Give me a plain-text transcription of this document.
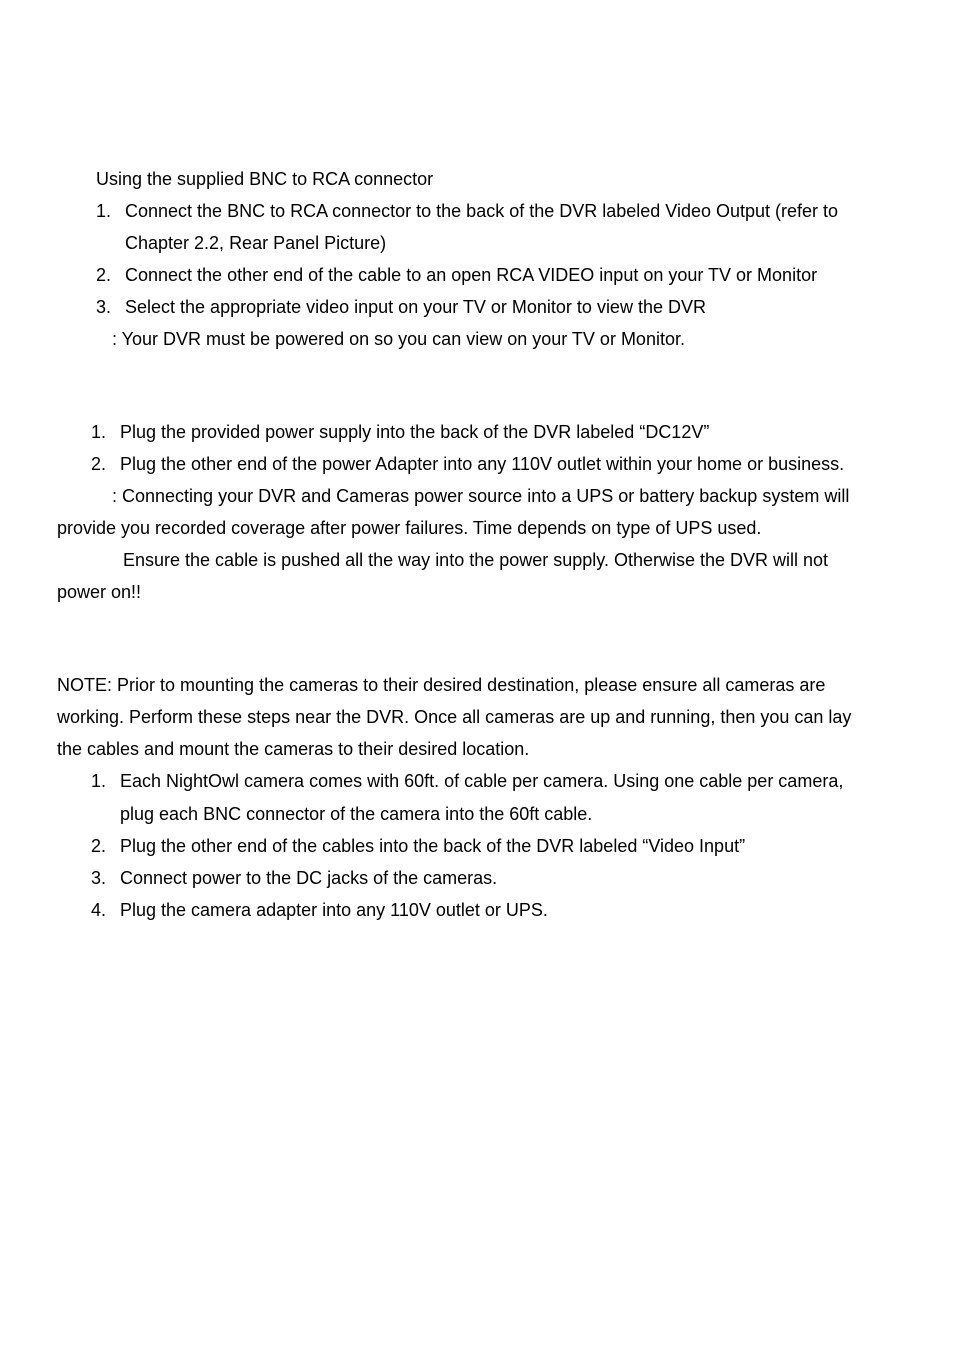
Using the supplied BNC to RCA connector

1. Connect the BNC to RCA connector to the back of the DVR labeled Video Output (refer to

Chapter 2.2, Rear Panel Picture)

2. Connect the other end of the cable to an open RCA VIDEO input on your TV or Monitor

3. Select the appropriate video input on your TV or Monitor to view the DVR

: Your DVR must be powered on so you can view on your TV or Monitor.

1. Plug the provided power supply into the back of the DVR labeled “DC12V”

2. Plug the other end of the power Adapter into any 110V outlet within your home or business.

: Connecting your DVR and Cameras power source into a UPS or battery backup system will

provide you recorded coverage after power failures. Time depends on type of UPS used.

Ensure the cable is pushed all the way into the power supply. Otherwise the DVR will not

power on!!

NOTE: Prior to mounting the cameras to their desired destination, please ensure all cameras are

working. Perform these steps near the DVR. Once all cameras are up and running, then you can lay

the cables and mount the cameras to their desired location.

1. Each NightOwl camera comes with 60ft. of cable per camera. Using one cable per camera,

plug each BNC connector of the camera into the 60ft cable.

2. Plug the other end of the cables into the back of the DVR labeled “Video Input”

3. Connect power to the DC jacks of the cameras.

4. Plug the camera adapter into any 110V outlet or UPS.
